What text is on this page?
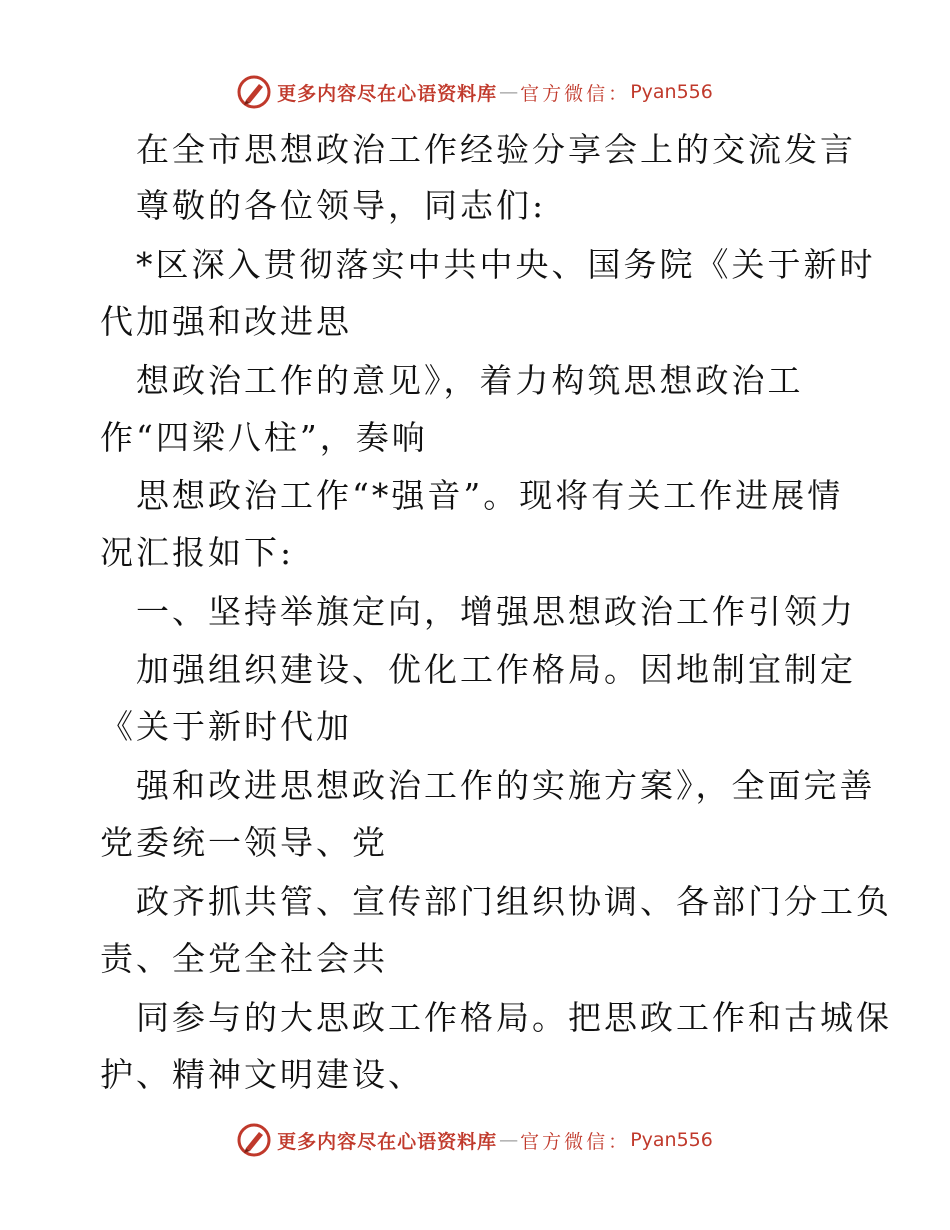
更多内容尽在心语资料库 — 官方微信： Pyan556
在全市思想政治工作经验分享会上的交流发言
尊敬的各位领导，同志们:
*区深入贯彻落实中共中央、国务院《关于新时
代加强和改进思
想政治工作的意见》，着力构筑思想政治工
作“四梁八柱”，奏响
思想政治工作“*强音”。现将有关工作进展情
况汇报如下:
一、坚持举旗定向，增强思想政治工作引领力
加强组织建设、优化工作格局。因地制宜制定
《关于新时代加
强和改进思想政治工作的实施方案》，全面完善
党委统一领导、党
政齐抓共管、宣传部门组织协调、各部门分工负
责、全党全社会共
同参与的大思政工作格局。把思政工作和古城保
护、精神文明建设、
更多内容尽在心语资料库 — 官方微信： Pyan556
